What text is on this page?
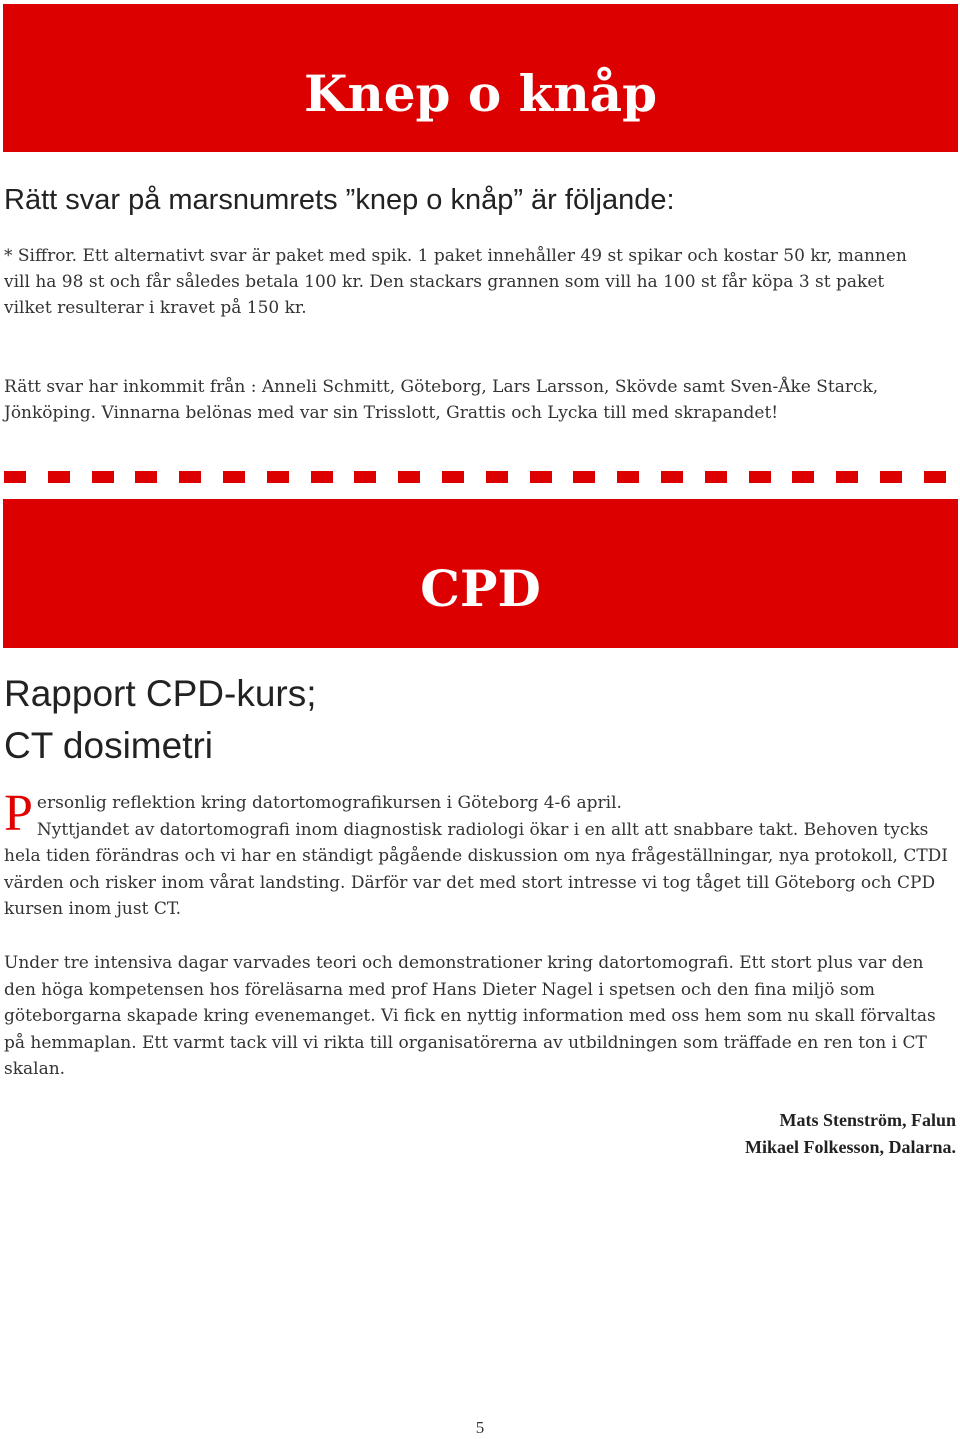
Knep o knåp

Rätt svar på marsnumrets ”knep o knåp” är följande:

* Siffror. Ett alternativt svar är paket med spik. 1 paket innehåller 49 st spikar och kostar 50 kr, mannen vill ha 98 st och får således betala 100 kr. Den stackars grannen som vill ha 100 st får köpa 3 st paket vilket resulterar i kravet på 150 kr.

Rätt svar har inkommit från : Anneli Schmitt, Göteborg, Lars Larsson, Skövde samt Sven-Åke Starck, Jönköping. Vinnarna belönas med var sin Trisslott, Grattis och Lycka till med skrapandet!

CPD
Rapport CPD-kurs;
CT dosimetri
P ersonlig reflektion kring datortomografikursen i Göteborg 4-6 april.
Nyttjandet av datortomografi inom diagnostisk radiologi ökar i en allt att snabbare takt. Behoven tycks hela tiden förändras och vi har en ständigt pågående diskussion om nya frågeställningar, nya protokoll, CTDI värden och risker inom vårat landsting. Därför var det med stort intresse vi tog tåget till Göteborg och CPD kursen inom just CT.

Under tre intensiva dagar varvades teori och demonstrationer kring datortomografi. Ett stort plus var den den höga kompetensen hos föreläsarna med prof Hans Dieter Nagel i spetsen och den fina miljö som göteborgarna skapade kring evenemanget. Vi fick en nyttig information med oss hem som nu skall förvaltas på hemmaplan. Ett varmt tack vill vi rikta till organisatörerna av utbildningen som träffade en ren ton i CT skalan.

Mats Stenström, Falun

Mikael Folkesson, Dalarna.

5
